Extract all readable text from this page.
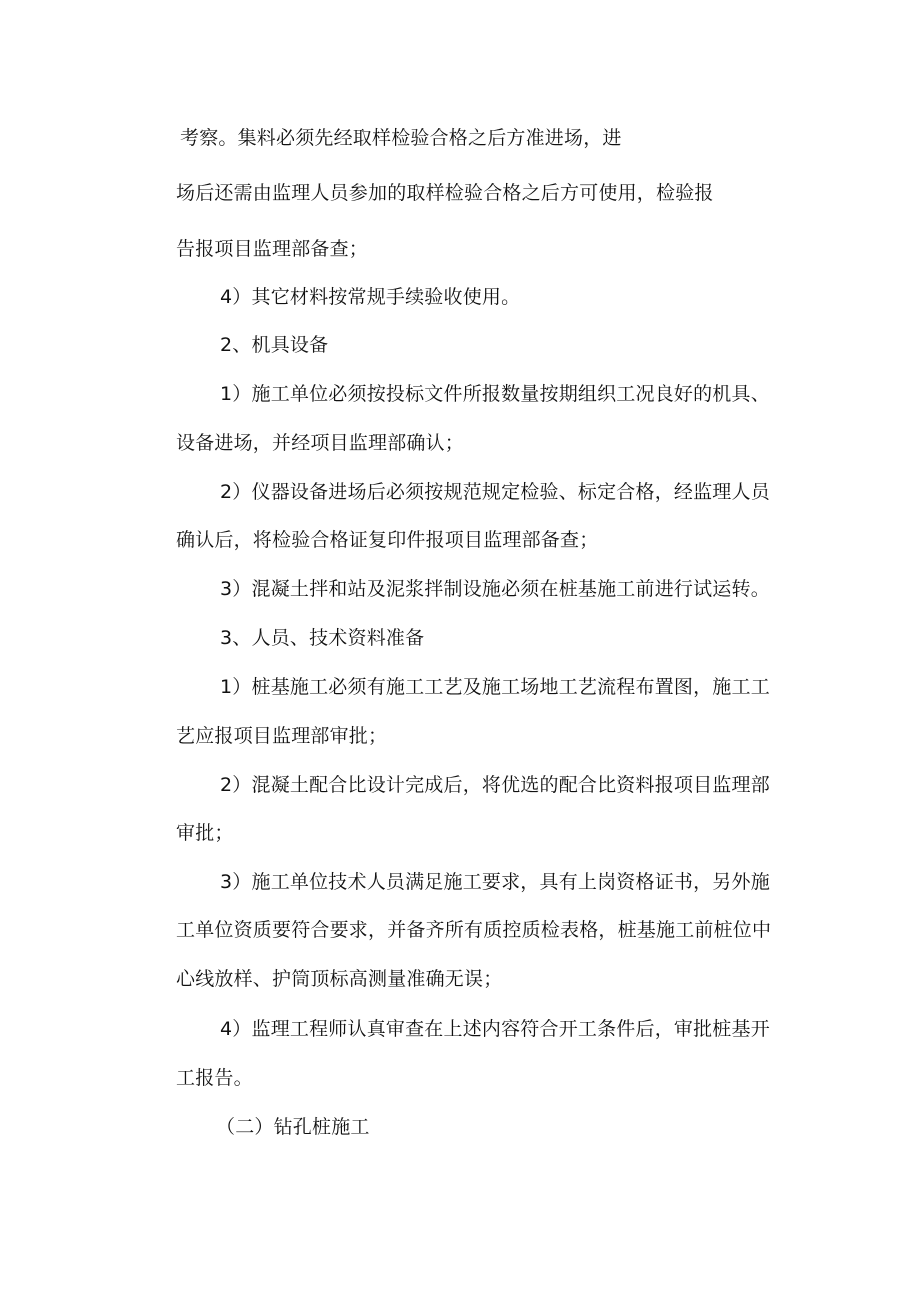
考察。集料必须先经取样检验合格之后方准进场，进
场后还需由监理人员参加的取样检验合格之后方可使用，检验报
告报项目监理部备查；
4）其它材料按常规手续验收使用。
2、机具设备
1）施工单位必须按投标文件所报数量按期组织工况良好的机具、
设备进场，并经项目监理部确认；
2）仪器设备进场后必须按规范规定检验、标定合格，经监理人员
确认后，将检验合格证复印件报项目监理部备查；
3）混凝土拌和站及泥浆拌制设施必须在桩基施工前进行试运转。
3、人员、技术资料准备
1）桩基施工必须有施工工艺及施工场地工艺流程布置图，施工工
艺应报项目监理部审批；
2）混凝土配合比设计完成后，将优选的配合比资料报项目监理部
审批；
3）施工单位技术人员满足施工要求，具有上岗资格证书，另外施
工单位资质要符合要求，并备齐所有质控质检表格，桩基施工前桩位中
心线放样、护筒顶标高测量准确无误；
4）监理工程师认真审查在上述内容符合开工条件后，审批桩基开
工报告。
（二）钻孔桩施工
